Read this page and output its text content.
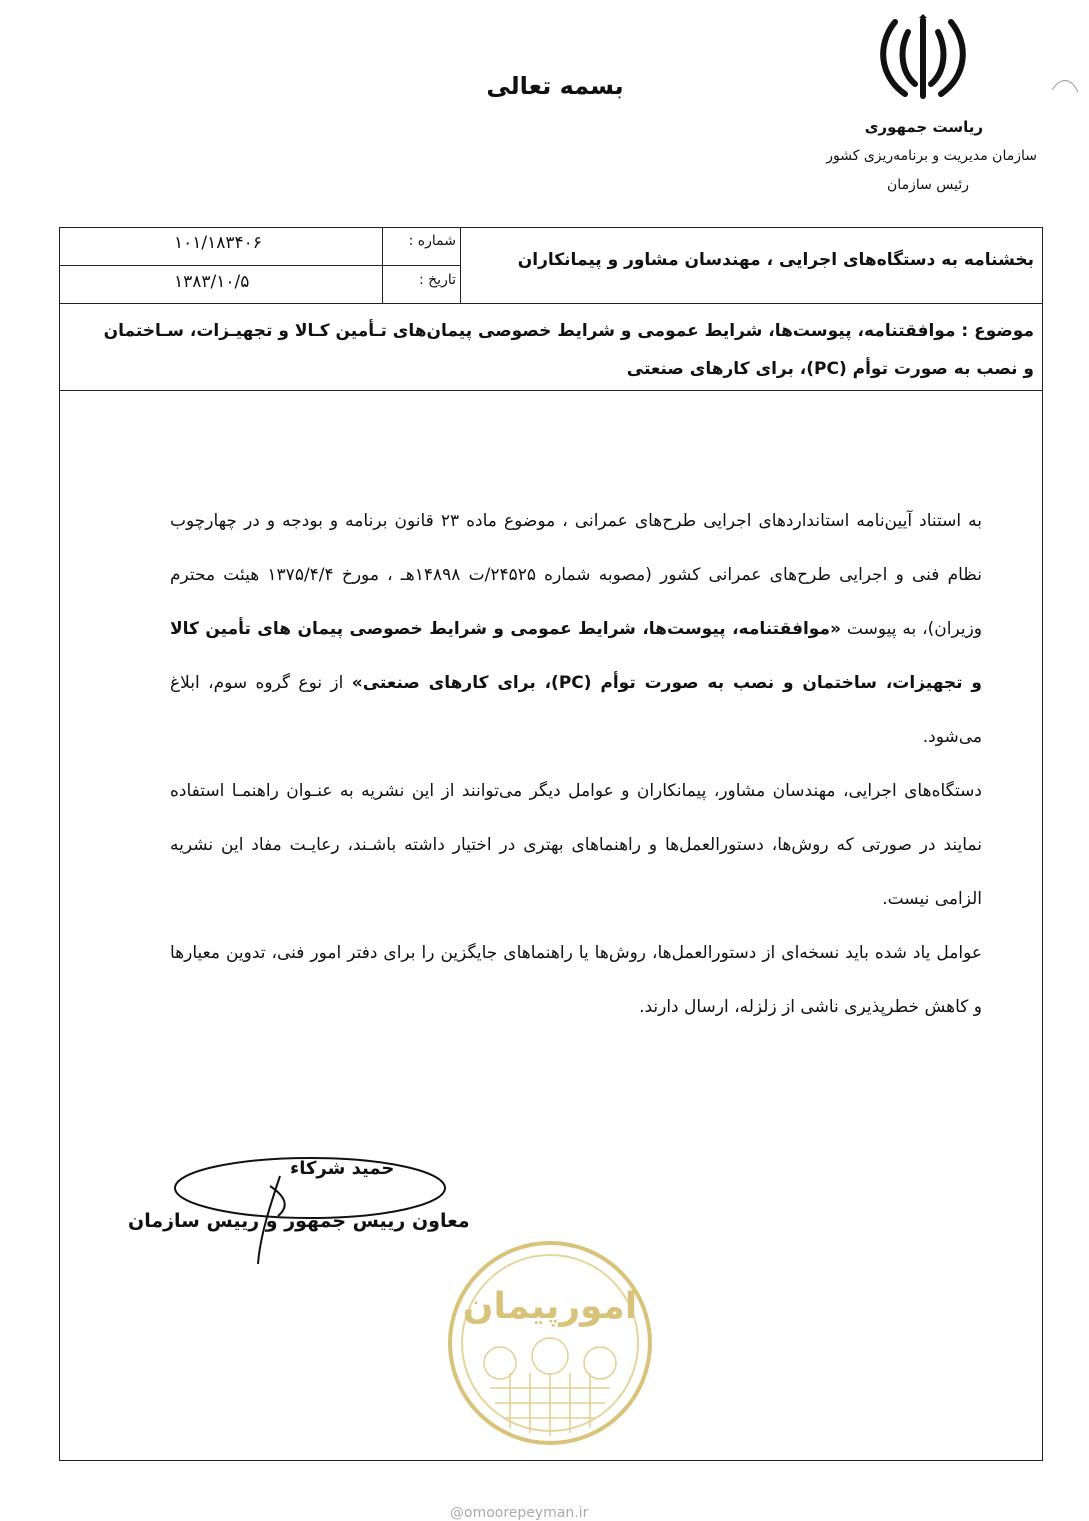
بسمه تعالی
ریاست جمهوری
سازمان مدیریت و برنامه‌ریزی کشور
رئیس سازمان
بخشنامه به دستگاه‌های اجرایی ، مهندسان مشاور و پیمانکاران
شماره :
۱۰۱/۱۸۳۴۰۶
تاریخ :
۱۳۸۳/۱۰/۵
موضوع : موافقتنامه، پیوست‌ها، شرایط عمومی و شرایط خصوصی پیمان‌های تـأمین کـالا و تجهیـزات، سـاختمان و نصب به صورت توأم (PC)، برای کارهای صنعتی

به استناد آیین‌نامه استانداردهای اجرایی طرح‌های عمرانی ، موضوع ماده ۲۳ قانون برنامه و بودجه و در چهارچوب نظام فنی و اجرایی طرح‌های عمرانی کشور (مصوبه شماره ۲۴۵۲۵/ت ۱۴۸۹۸هـ ، مورخ ۱۳۷۵/۴/۴ هیئت محترم وزیران)، به پیوست «موافقتنامه، پیوست‌ها، شرایط عمومی و شرایط خصوصی پیمان های تأمین کالا و تجهیزات، ساختمان و نصب به صورت توأم (PC)، برای کارهای صنعتی» از نوع گروه سوم، ابلاغ می‌شود.

دستگاه‌های اجرایی، مهندسان مشاور، پیمانکاران و عوامل دیگر می‌توانند از این نشریه به عنـوان راهنمـا استفاده نمایند در صورتی که روش‌ها، دستورالعمل‌ها و راهنماهای بهتری در اختیار داشته باشـند، رعایـت مفاد این نشریه الزامی نیست.

عوامل یاد شده باید نسخه‌ای از دستورالعمل‌ها، روش‌ها یا راهنماهای جایگزین را برای دفتر امور فنی، تدوین معیارها و کاهش خطرپذیری ناشی از زلزله، ارسال دارند.

حمید شرکاء
معاون رییس جمهور و رییس سازمان
امورپیمان
@omoorepeyman.ir
